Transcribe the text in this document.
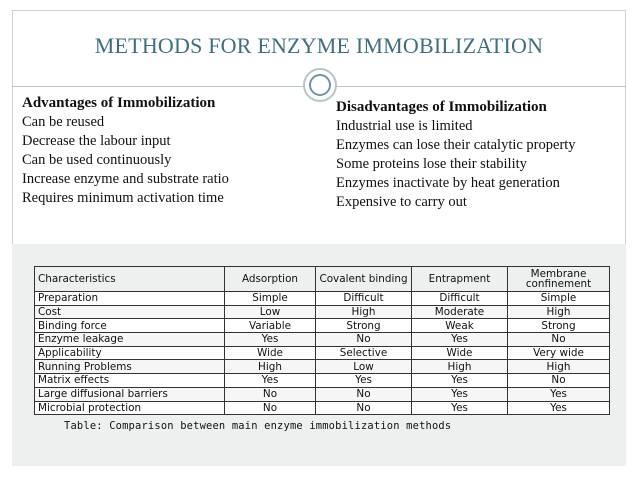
METHODS FOR ENZYME IMMOBILIZATION
Advantages of Immobilization

Can be reused

Decrease the labour input

Can be used continuously

Increase enzyme and substrate ratio

Requires minimum activation time

Disadvantages of Immobilization

Industrial use is limited

Enzymes can lose their catalytic property

Some proteins lose their stability

Enzymes inactivate by heat generation

Expensive to carry out

Characteristics	Adsorption	Covalent binding	Entrapment	Membrane confinement
Preparation	Simple	Difficult	Difficult	Simple
Cost	Low	High	Moderate	High
Binding force	Variable	Strong	Weak	Strong
Enzyme leakage	Yes	No	Yes	No
Applicability	Wide	Selective	Wide	Very wide
Running Problems	High	Low	High	High
Matrix effects	Yes	Yes	Yes	No
Large diffusional barriers	No	No	Yes	Yes
Microbial protection	No	No	Yes	Yes
Table: Comparison between main enzyme immobilization methods
